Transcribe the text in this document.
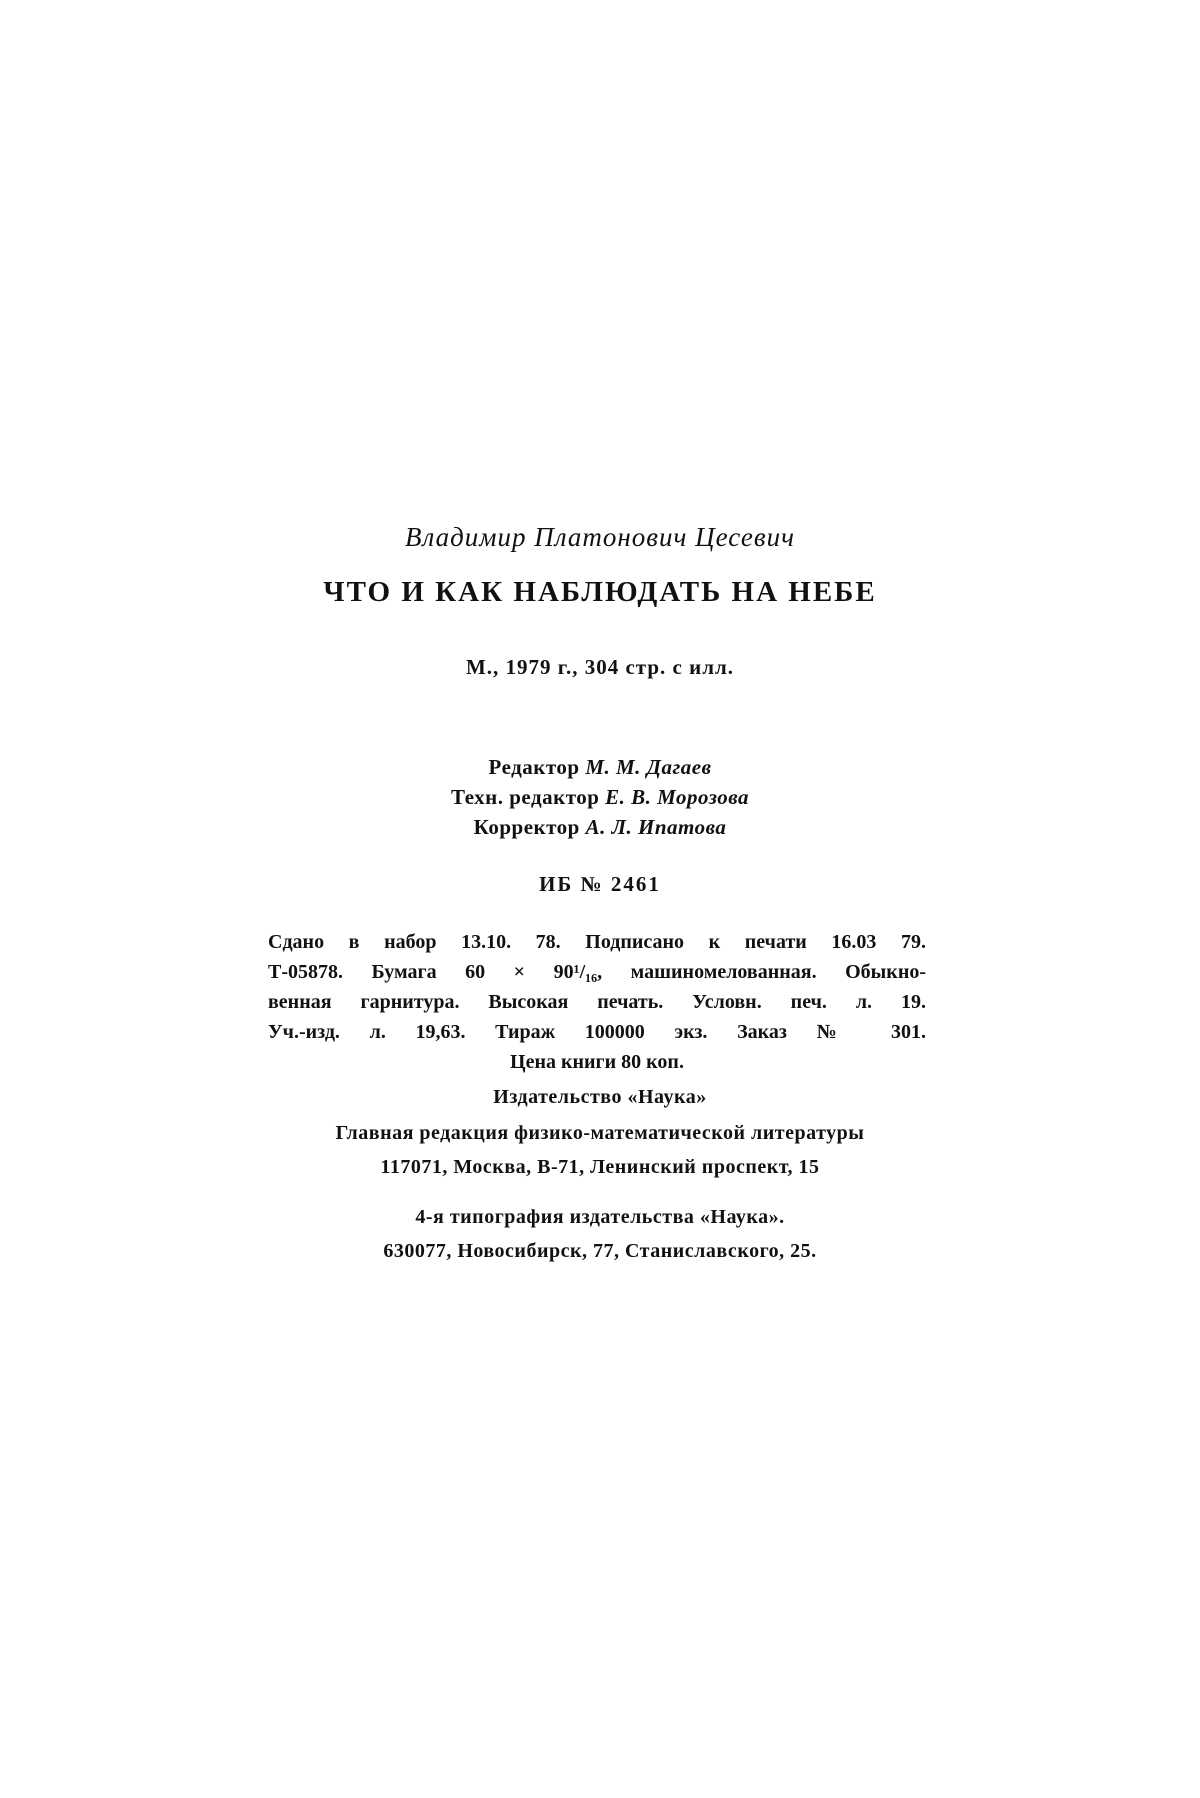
Владимир Платонович Цесевич
ЧТО И КАК НАБЛЮДАТЬ НА НЕБЕ
М., 1979 г., 304 стр. с илл.
Редактор М. М. Дагаев
Техн. редактор Е. В. Морозова
Корректор А. Л. Ипатова
ИБ № 2461
Сдано в набор 13.10. 78. Подписано к печати 16.03 79.
Т-05878. Бумага 60 × 90¹/₁₆, машиномелованная. Обыкно-
венная гарнитура. Высокая печать. Условн. печ. л. 19.
Уч.-изд. л. 19,63. Тираж 100000 экз. Заказ № 301.
Цена книги 80 коп.
Издательство «Наука»
Главная редакция физико-математической литературы
117071, Москва, В-71, Ленинский проспект, 15
4-я типография издательства «Наука».
630077, Новосибирск, 77, Станиславского, 25.
